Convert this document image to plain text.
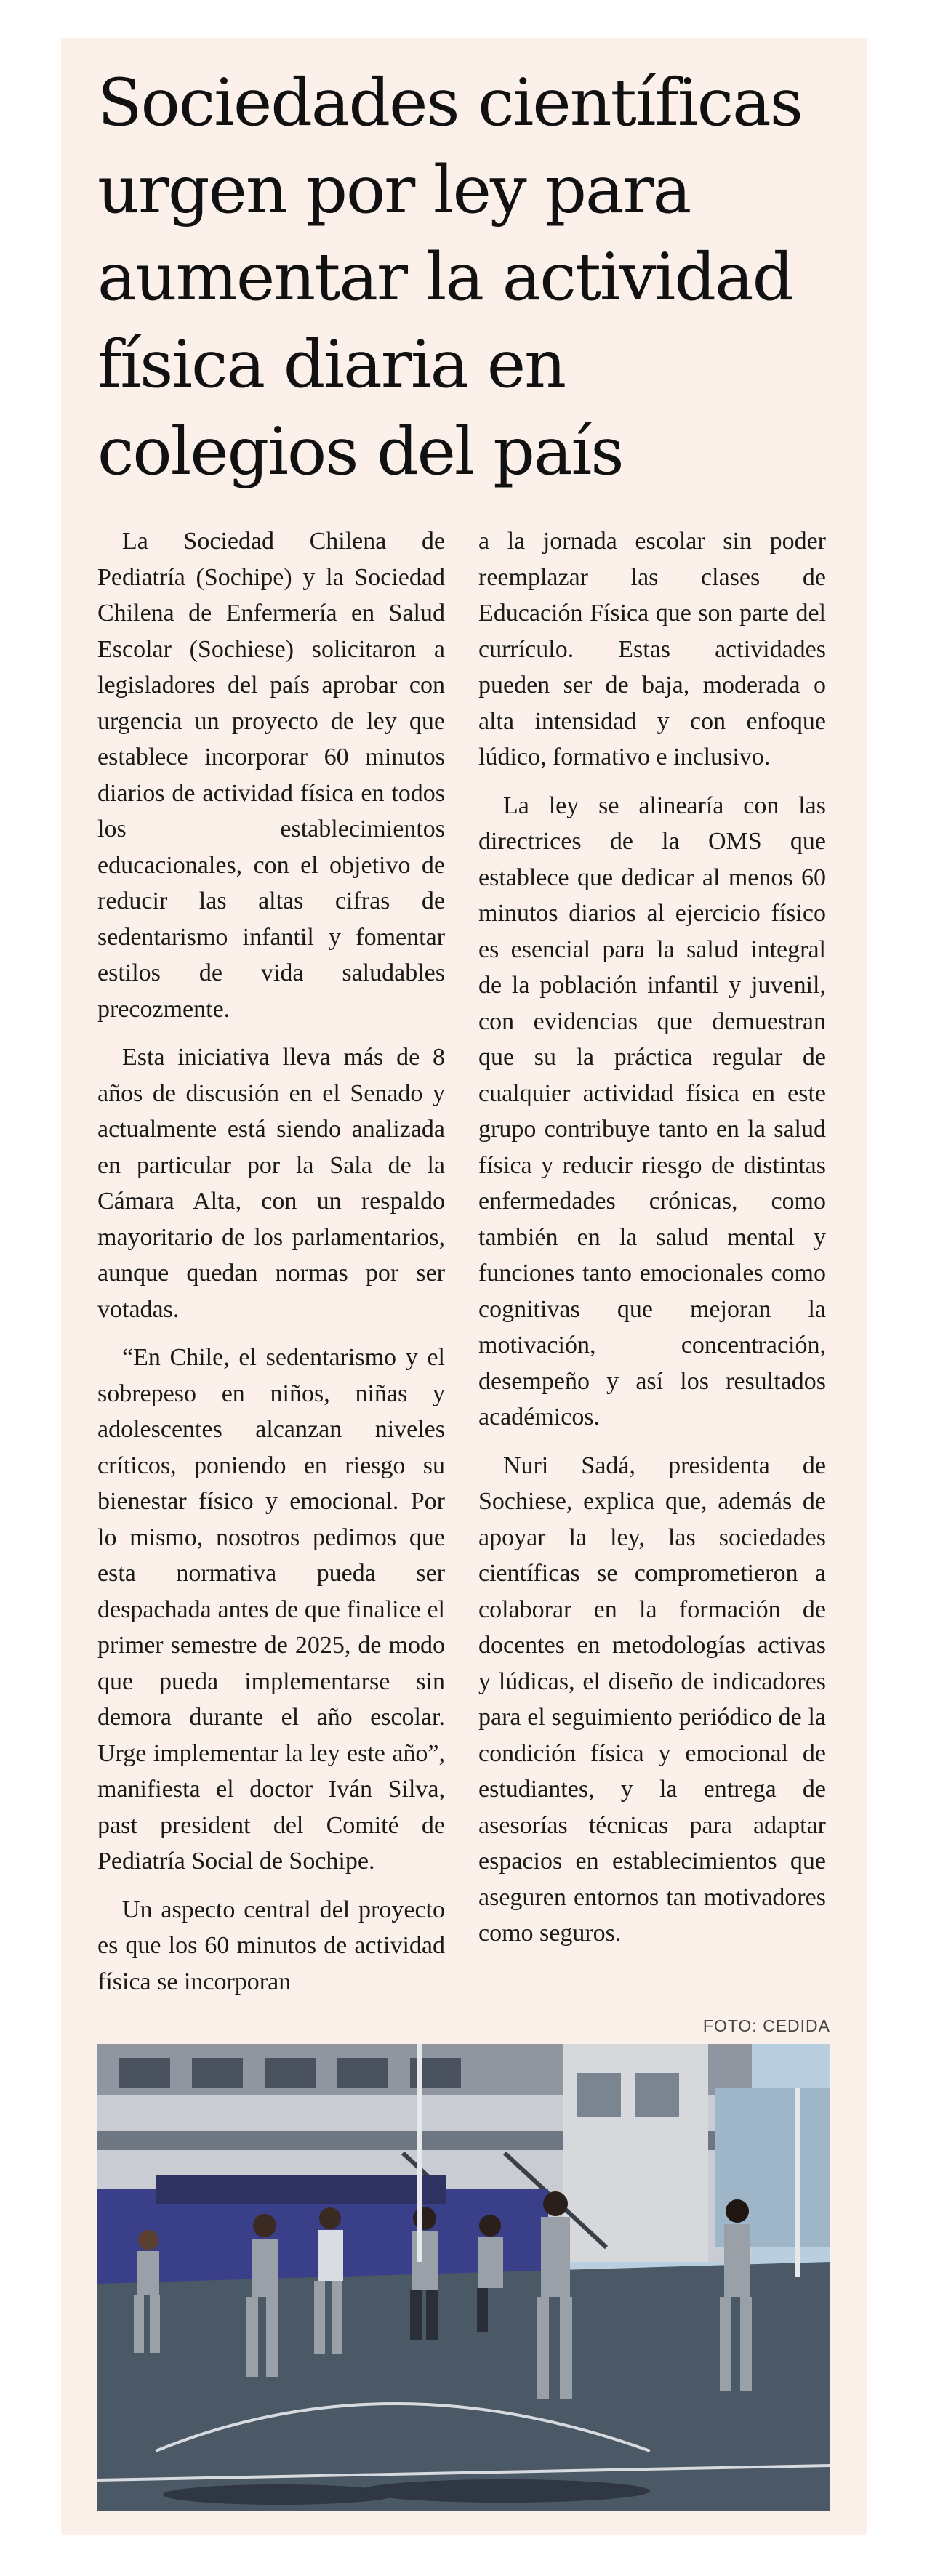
Sociedades científicas urgen por ley para aumentar la actividad física diaria en colegios del país

La Sociedad Chilena de Pediatría (Sochipe) y la Sociedad Chilena de Enfermería en Salud Escolar (Sochiese) solicitaron a legisladores del país aprobar con urgencia un proyecto de ley que establece incorporar 60 minutos diarios de actividad física en todos los establecimientos educacionales, con el objetivo de reducir las altas cifras de sedentarismo infantil y fomentar estilos de vida saludables precozmente.

Esta iniciativa lleva más de 8 años de discusión en el Senado y actualmente está siendo analizada en particular por la Sala de la Cámara Alta, con un respaldo mayoritario de los parlamentarios, aunque quedan normas por ser votadas.

“En Chile, el sedentarismo y el sobrepeso en niños, niñas y adolescentes alcanzan niveles críticos, poniendo en riesgo su bienestar físico y emocional. Por lo mismo, nosotros pedimos que esta normativa pueda ser despachada antes de que finalice el primer semestre de 2025, de modo que pueda implementarse sin demora durante el año escolar. Urge implementar la ley este año”, manifiesta el doctor Iván Silva, past president del Comité de Pediatría Social de Sochipe.

Un aspecto central del proyecto es que los 60 minutos de actividad física se incorporan

a la jornada escolar sin poder reemplazar las clases de Educación Física que son parte del currículo. Estas actividades pueden ser de baja, moderada o alta intensidad y con enfoque lúdico, formativo e inclusivo.

La ley se alinearía con las directrices de la OMS que establece que dedicar al menos 60 minutos diarios al ejercicio físico es esencial para la salud integral de la población infantil y juvenil, con evidencias que demuestran que su la práctica regular de cualquier actividad física en este grupo contribuye tanto en la salud física y reducir riesgo de distintas enfermedades crónicas, como también en la salud mental y funciones tanto emocionales como cognitivas que mejoran la motivación, concentración, desempeño y así los resultados académicos.

Nuri Sadá, presidenta de Sochiese, explica que, además de apoyar la ley, las sociedades científicas se comprometieron a colaborar en la formación de docentes en metodologías activas y lúdicas, el diseño de indicadores para el seguimiento periódico de la condición física y emocional de estudiantes, y la entrega de asesorías técnicas para adaptar espacios en establecimientos que aseguren entornos tan motivadores como seguros.

FOTO: CEDIDA
